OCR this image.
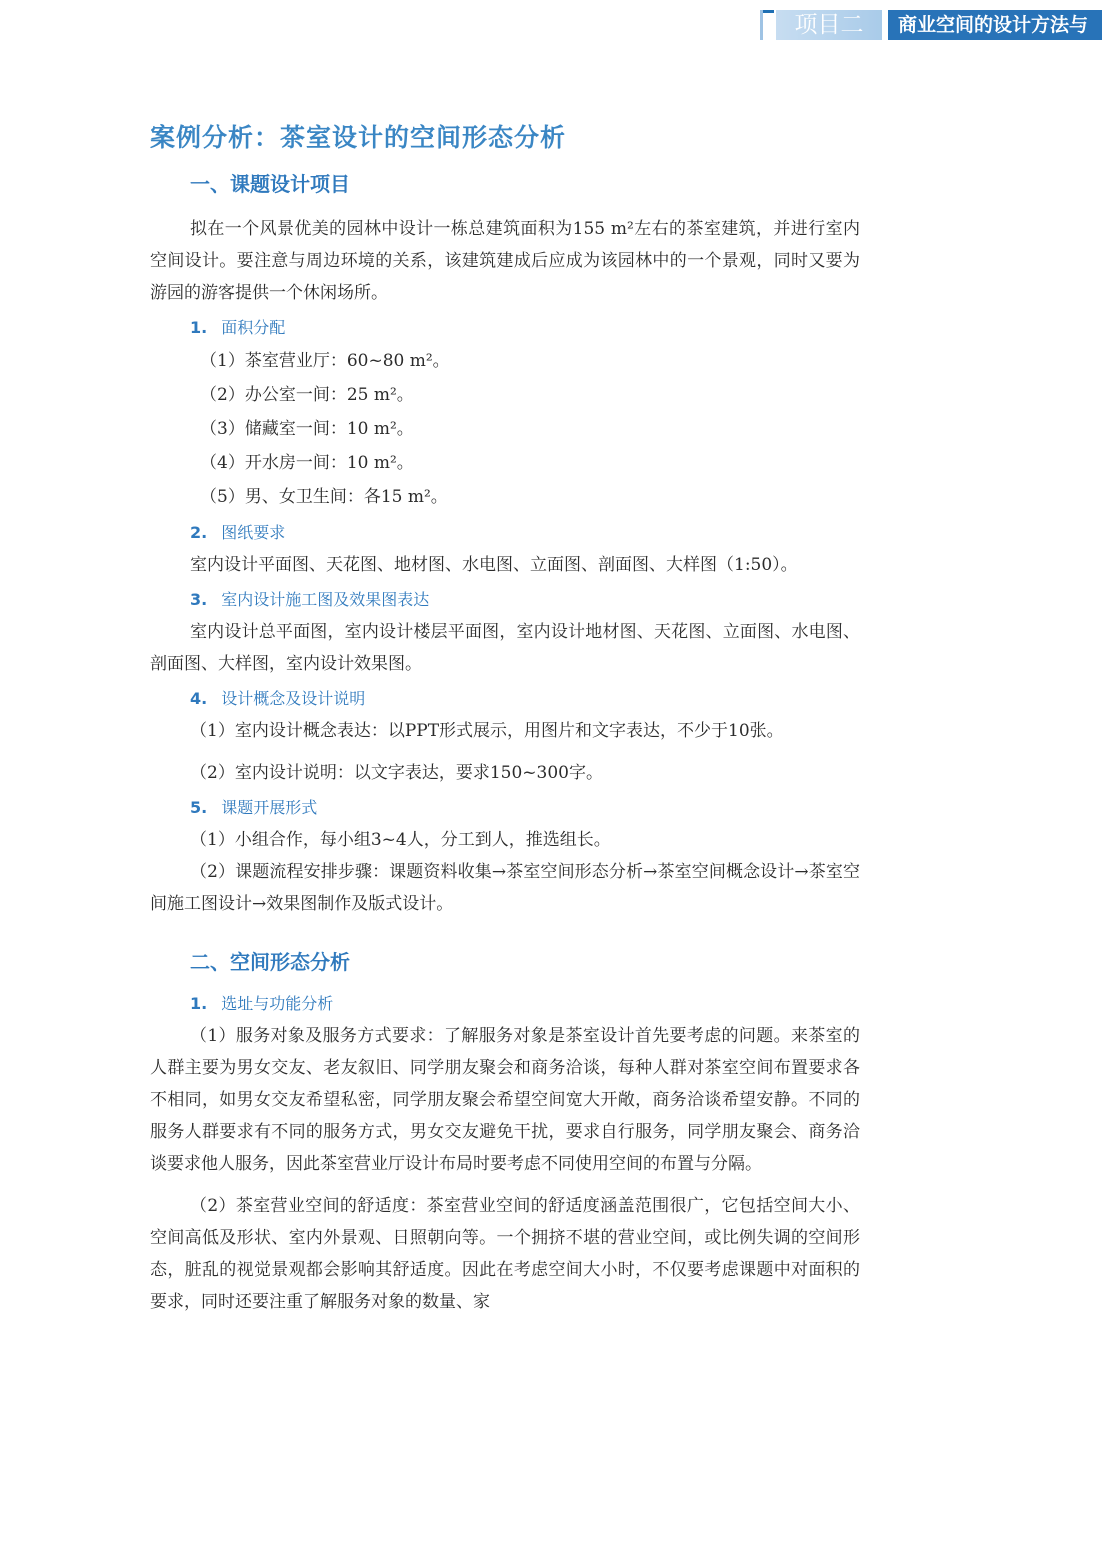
项目二	商业空间的设计方法与
案例分析：茶室设计的空间形态分析
一、课题设计项目

拟在一个风景优美的园林中设计一栋总建筑面积为155 m²左右的茶室建筑，并进行室内空间设计。要注意与周边环境的关系，该建筑建成后应成为该园林中的一个景观，同时又要为游园的游客提供一个休闲场所。

1. 面积分配

（1）茶室营业厅：60~80 m²。

（2）办公室一间：25 m²。

（3）储藏室一间：10 m²。

（4）开水房一间：10 m²。

（5）男、女卫生间：各15 m²。

2. 图纸要求

室内设计平面图、天花图、地材图、水电图、立面图、剖面图、大样图（1:50）。

3. 室内设计施工图及效果图表达

室内设计总平面图，室内设计楼层平面图，室内设计地材图、天花图、立面图、水电图、剖面图、大样图，室内设计效果图。

4. 设计概念及设计说明

（1）室内设计概念表达：以PPT形式展示，用图片和文字表达，不少于10张。

（2）室内设计说明：以文字表达，要求150~300字。

5. 课题开展形式

（1）小组合作，每小组3~4人，分工到人，推选组长。

（2）课题流程安排步骤：课题资料收集→茶室空间形态分析→茶室空间概念设计→茶室空间施工图设计→效果图制作及版式设计。

二、空间形态分析
1. 选址与功能分析

（1）服务对象及服务方式要求：了解服务对象是茶室设计首先要考虑的问题。来茶室的人群主要为男女交友、老友叙旧、同学朋友聚会和商务洽谈，每种人群对茶室空间布置要求各不相同，如男女交友希望私密，同学朋友聚会希望空间宽大开敞，商务洽谈希望安静。不同的服务人群要求有不同的服务方式，男女交友避免干扰，要求自行服务，同学朋友聚会、商务洽谈要求他人服务，因此茶室营业厅设计布局时要考虑不同使用空间的布置与分隔。

（2）茶室营业空间的舒适度：茶室营业空间的舒适度涵盖范围很广，它包括空间大小、空间高低及形状、室内外景观、日照朝向等。一个拥挤不堪的营业空间，或比例失调的空间形态，脏乱的视觉景观都会影响其舒适度。因此在考虑空间大小时，不仅要考虑课题中对面积的要求，同时还要注重了解服务对象的数量、家
